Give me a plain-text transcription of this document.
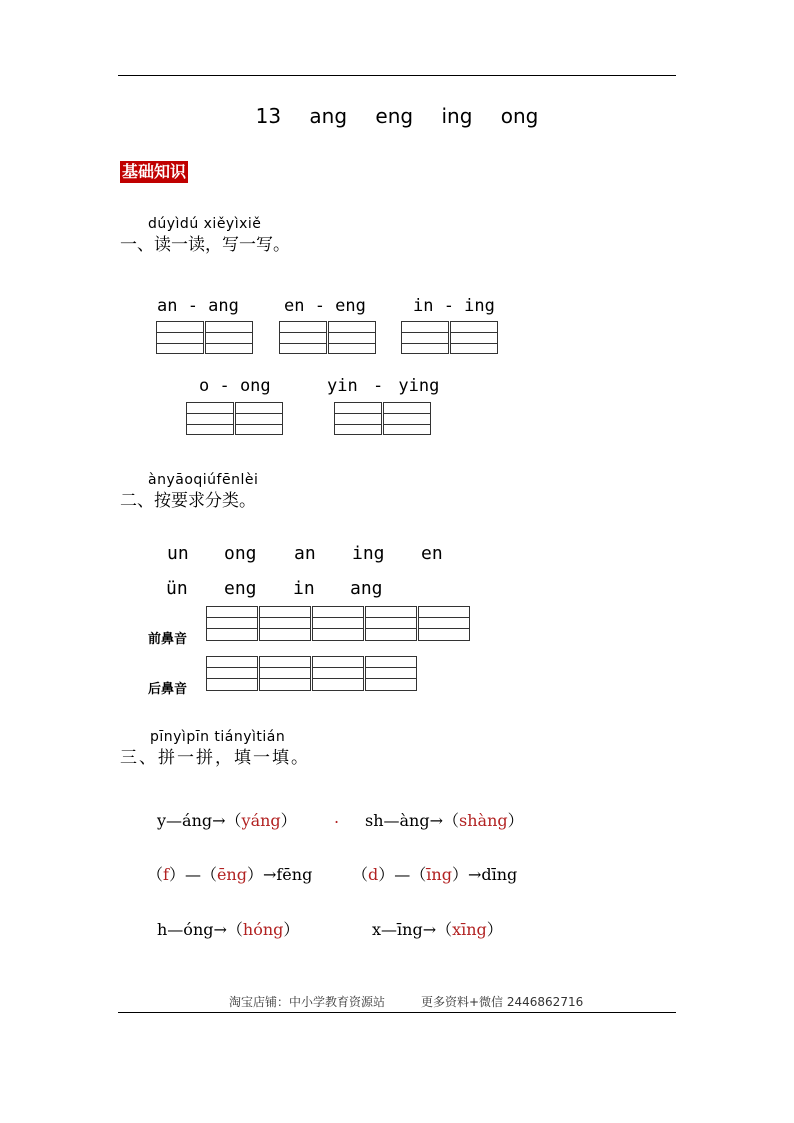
13 ang eng ing ong
基础知识
dúyìdú xiěyìxiě
一、读一读，写一写。
an - ang	en - eng	in - ing
o - ong	yin - ying
ànyāoqiúfēnlèi
二、按要求分类。
un ong an ing en
ün eng in ang
前鼻音
后鼻音
pīnyìpīn tiányìtián
三、拼一拼，填一填。
y—áng→（yáng） . sh—àng→（shàng）
（f）—（ēng）→fēng （d）—（īng）→dīng
h—óng→（hóng）	x—īng→（xīng）
淘宝店铺：中小学教育资源站	更多资料+微信 2446862716
